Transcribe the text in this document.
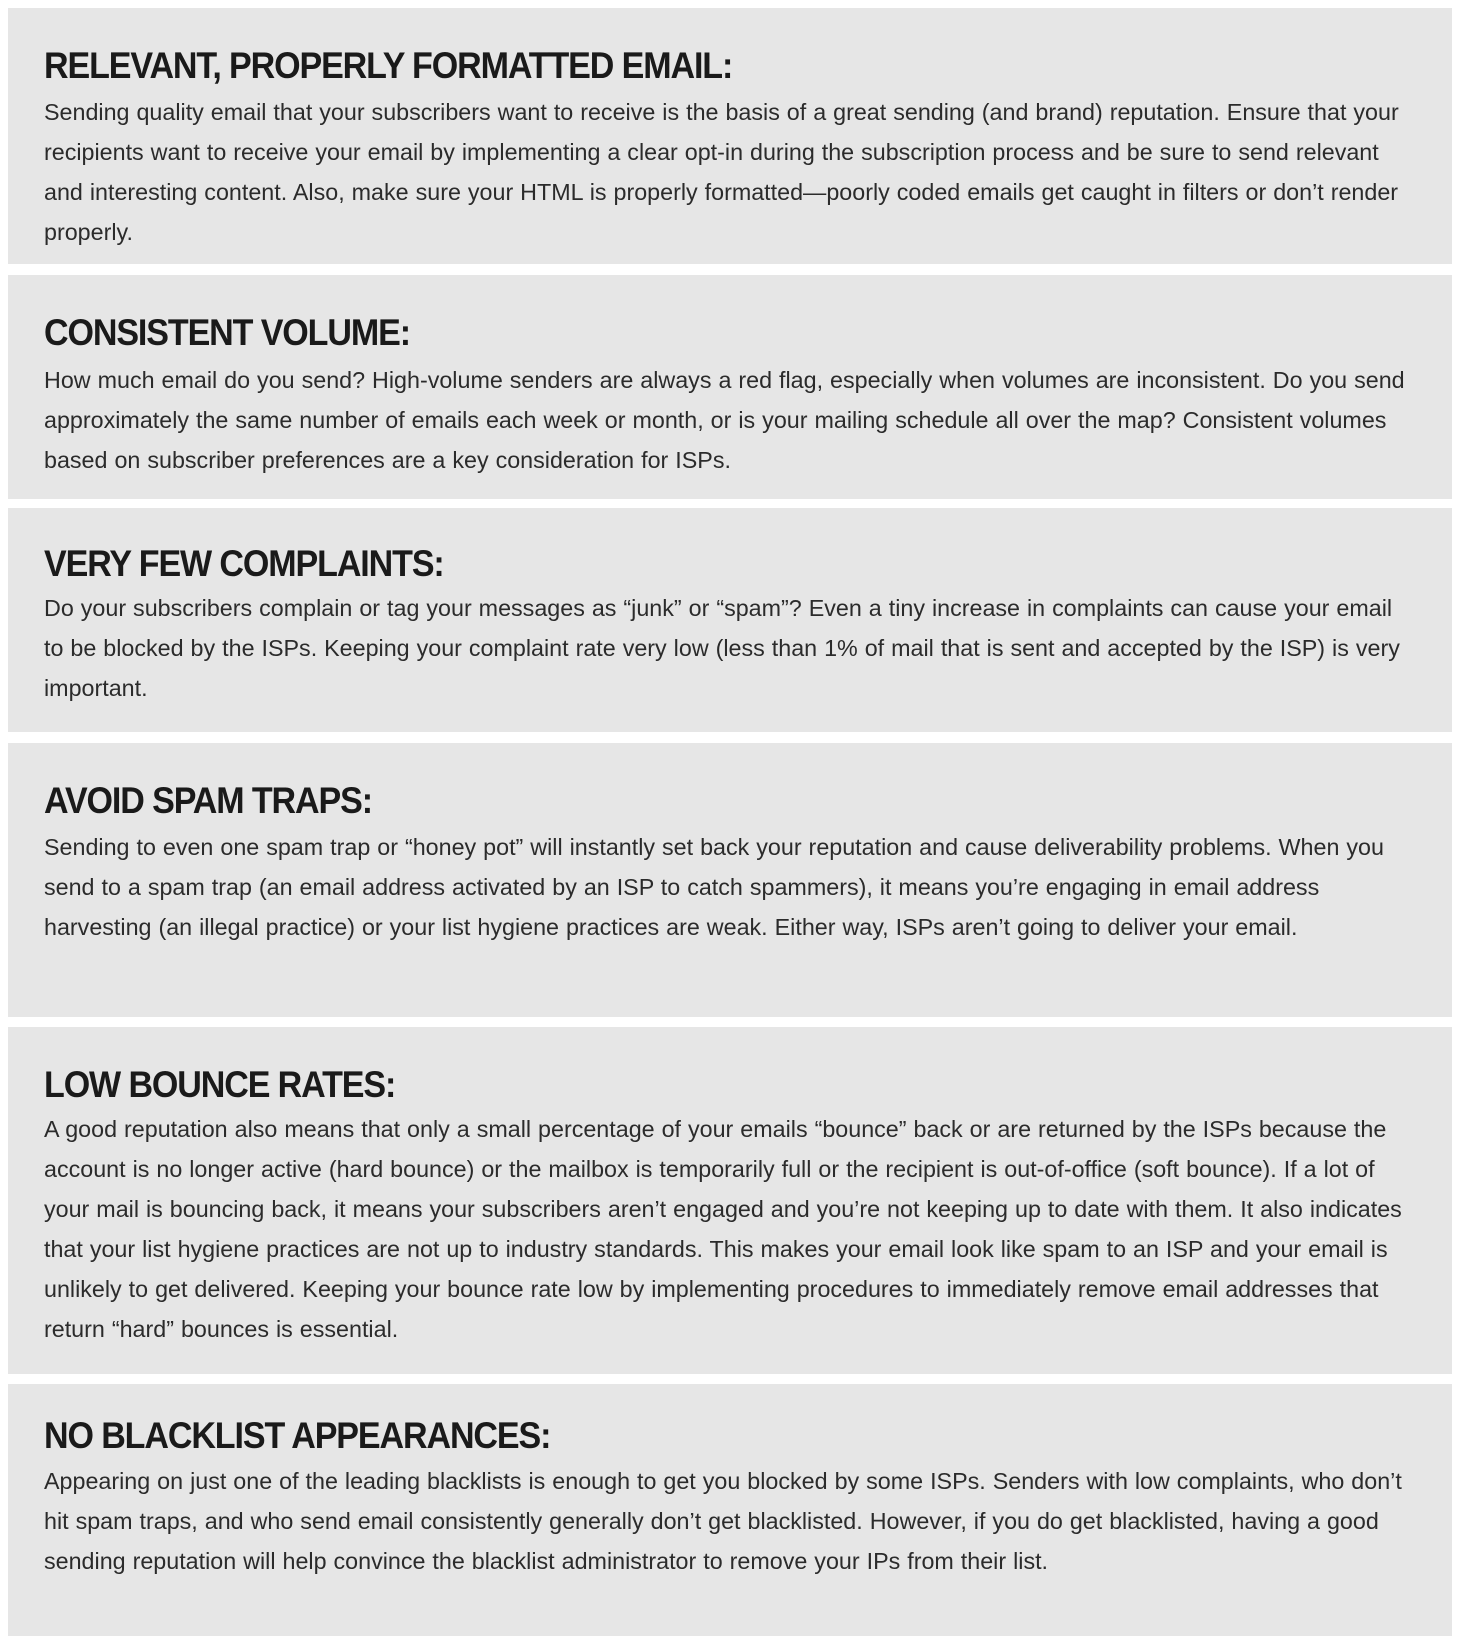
RELEVANT, PROPERLY FORMATTED EMAIL:

Sending quality email that your subscribers want to receive is the basis of a great sending (and brand) reputation. Ensure that your recipients want to receive your email by implementing a clear opt-in during the subscription process and be sure to send relevant and interesting content. Also, make sure your HTML is properly formatted—poorly coded emails get caught in filters or don’t render properly.

CONSISTENT VOLUME:

How much email do you send? High-volume senders are always a red flag, especially when volumes are inconsistent. Do you send approximately the same number of emails each week or month, or is your mailing schedule all over the map? Consistent volumes based on subscriber preferences are a key consideration for ISPs.

VERY FEW COMPLAINTS:

Do your subscribers complain or tag your messages as “junk” or “spam”? Even a tiny increase in complaints can cause your email to be blocked by the ISPs. Keeping your complaint rate very low (less than 1% of mail that is sent and accepted by the ISP) is very important.

AVOID SPAM TRAPS:

Sending to even one spam trap or “honey pot” will instantly set back your reputation and cause deliverability problems. When you send to a spam trap (an email address activated by an ISP to catch spammers), it means you’re engaging in email address harvesting (an illegal practice) or your list hygiene practices are weak. Either way, ISPs aren’t going to deliver your email.

LOW BOUNCE RATES:

A good reputation also means that only a small percentage of your emails “bounce” back or are returned by the ISPs because the account is no longer active (hard bounce) or the mailbox is temporarily full or the recipient is out-of-office (soft bounce). If a lot of your mail is bouncing back, it means your subscribers aren’t engaged and you’re not keeping up to date with them. It also indicates that your list hygiene practices are not up to industry standards. This makes your email look like spam to an ISP and your email is unlikely to get delivered. Keeping your bounce rate low by implementing procedures to immediately remove email addresses that return “hard” bounces is essential.

NO BLACKLIST APPEARANCES:

Appearing on just one of the leading blacklists is enough to get you blocked by some ISPs. Senders with low complaints, who don’t hit spam traps, and who send email consistently generally don’t get blacklisted. However, if you do get blacklisted, having a good sending reputation will help convince the blacklist administrator to remove your IPs from their list.
